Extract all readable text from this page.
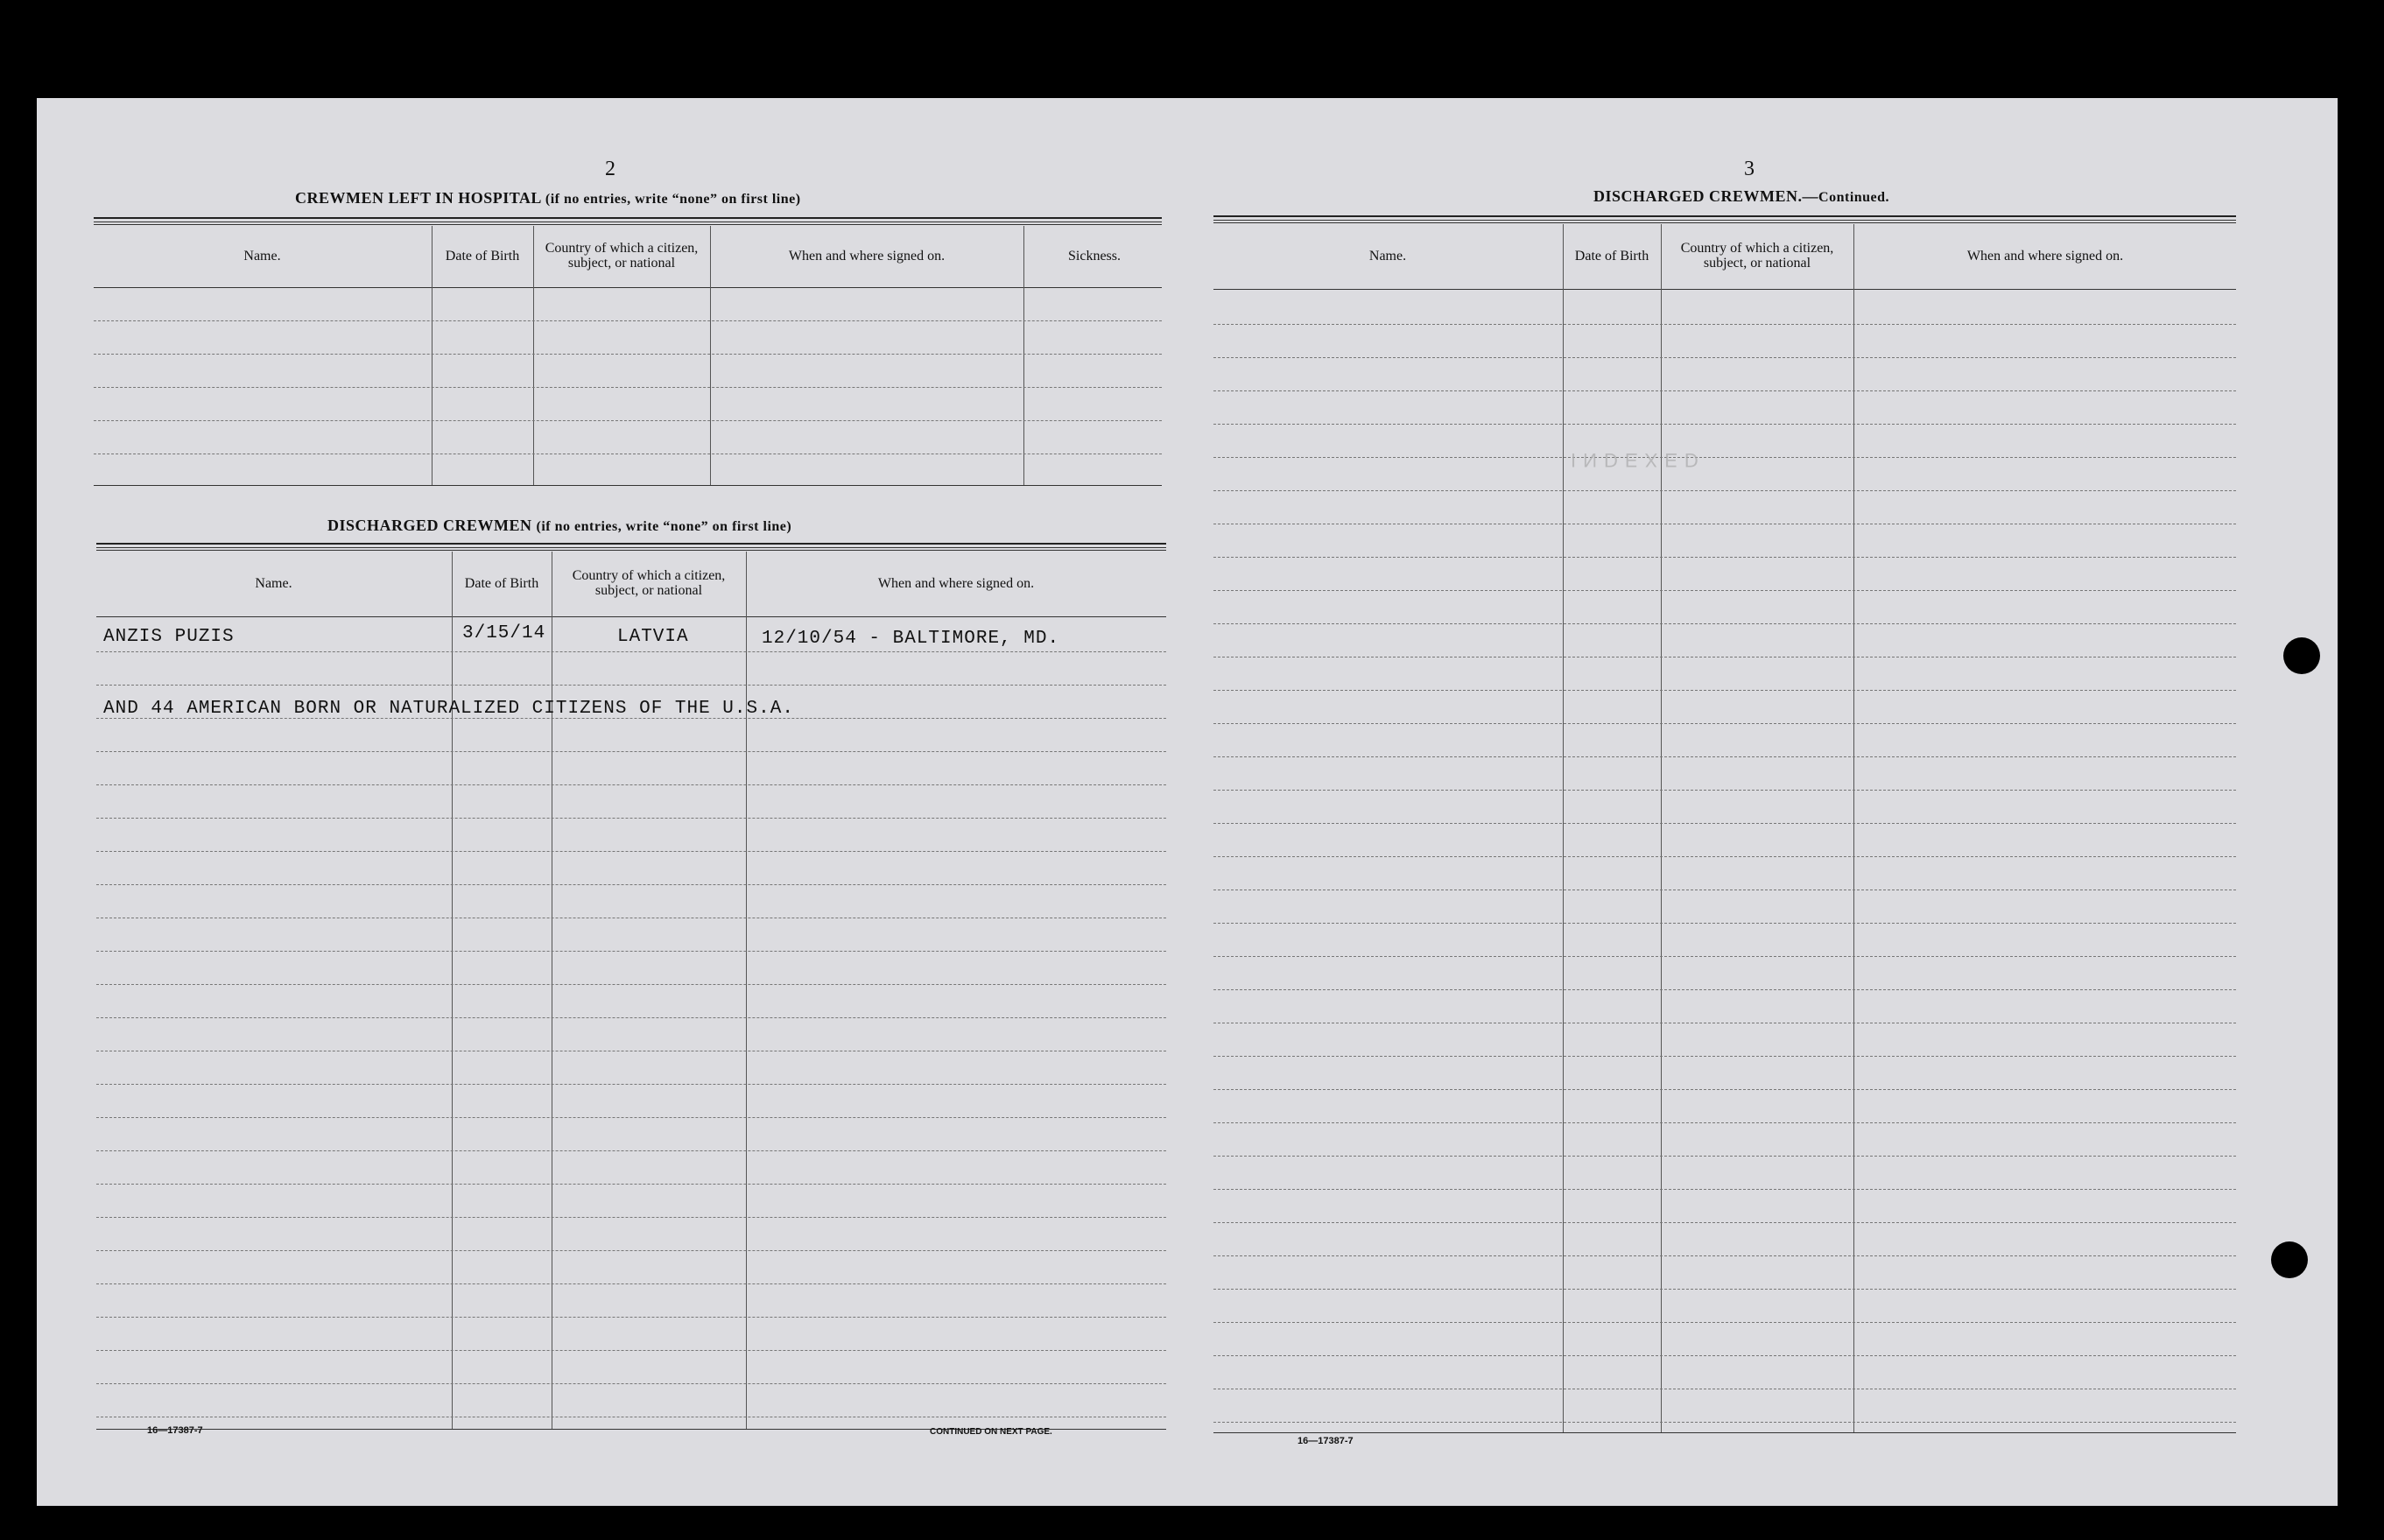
2
CREWMEN LEFT IN HOSPITAL (if no entries, write “none” on first line)
Name.	Date of Birth	Country of which a citizen, subject, or national	When and where signed on.	Sickness.
DISCHARGED CREWMEN (if no entries, write “none” on first line)
Name.	Date of Birth	Country of which a citizen, subject, or national	When and where signed on.
ANZIS PUZIS	3/15/14	LATVIA	12/10/54 - BALTIMORE, MD.
AND 44 AMERICAN BORN OR NATURALIZED CITIZENS OF THE U.S.A.
16—17387-7	CONTINUED ON NEXT PAGE.
3
DISCHARGED CREWMEN.—Continued.
Name.	Date of Birth	Country of which a citizen, subject, or national	When and where signed on.
INDEXED
16—17387-7
